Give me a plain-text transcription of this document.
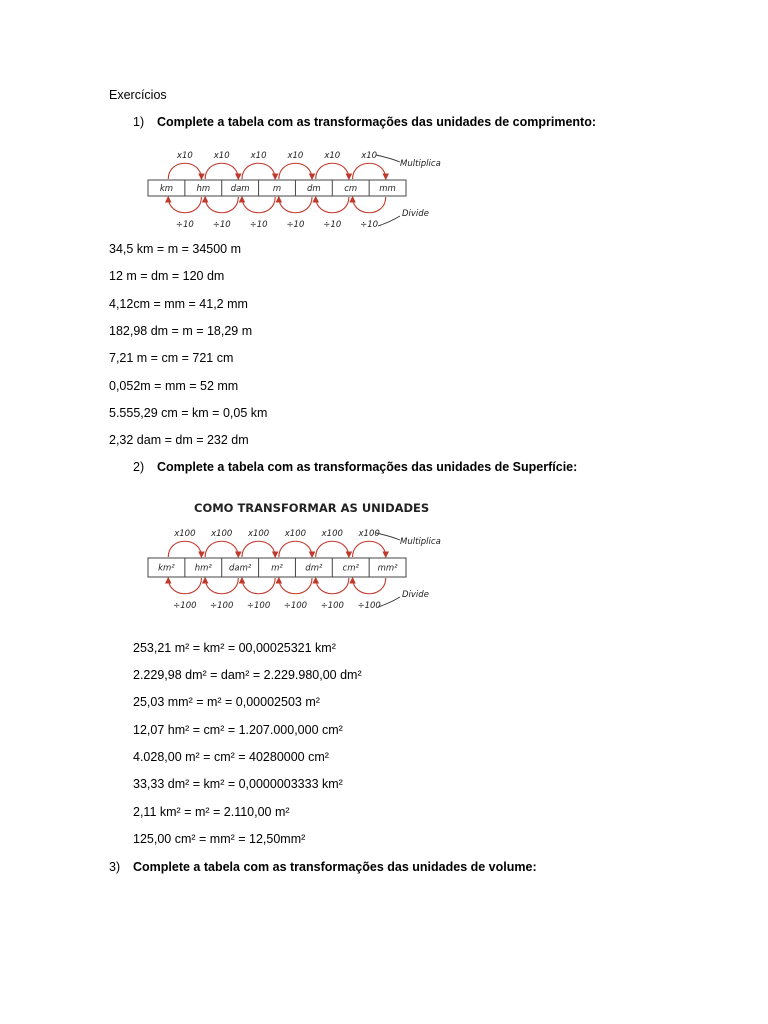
Exercícios
1) Complete a tabela com as transformações das unidades de comprimento:
km	hm dam	m	dm	cm	mm
x10
÷10
x10
÷10
x10
÷10
x10
÷10
x10
÷10
x10
÷10
Multiplica
Divide
34,5 km = m = 34500 m
12 m = dm = 120 dm
4,12cm = mm = 41,2 mm
182,98 dm = m = 18,29 m
7,21 m = cm = 721 cm
0,052m = mm = 52 mm
5.555,29 cm = km = 0,05 km
2,32 dam = dm = 232 dm
2) Complete a tabela com as transformações das unidades de Superfície:
COMO TRANSFORMAR AS UNIDADES
km² hm² dam² m²	dm² cm² mm²
x100
÷100
x100
÷100
x100
÷100
x100
÷100
x100
÷100
x100
÷100
Multiplica
Divide
253,21 m² = km² = 00,00025321 km²
2.229,98 dm² = dam² = 2.229.980,00 dm²
25,03 mm² = m² = 0,00002503 m²
12,07 hm² = cm² = 1.207.000,000 cm²
4.028,00 m² = cm² = 40280000 cm²
33,33 dm² = km² = 0,0000003333 km²
2,11 km² = m² = 2.110,00 m²
125,00 cm² = mm² = 12,50mm²
3) Complete a tabela com as transformações das unidades de volume:
